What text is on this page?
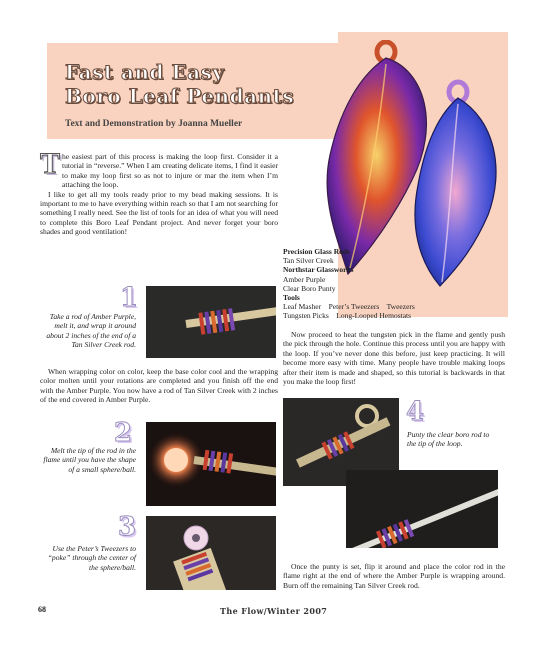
Fast and Easy
Boro Leaf Pendants
Text and Demonstration by Joanna Mueller
T he easiest part of this process is making the loop first. Consider it a tutorial in “reverse.” When I am creating delicate items, I find it easier to make my loop first so as not to injure or mar the item when I’m attaching the loop.
I like to get all my tools ready prior to my bead making sessions. It is important to me to have everything within reach so that I am not searching for something I really need. See the list of tools for an idea of what you will need to complete this Boro Leaf Pendant project. And never forget your boro shades and good ventilation!
Precision Glass Rods
Tan Silver Creek
Northstar Glassworks
Amber Purple
Clear Boro Punty
Tools
Leaf Masher    Peter’s Tweezers    Tweezers
Tungsten Picks    Long-Looped Hemostats
1
Take a rod of Amber Purple, melt it, and wrap it around about 2 inches of the end of a Tan Silver Creek rod.
When wrapping color on color, keep the base color cool and the wrapping color molten until your rotations are completed and you finish off the end with the Amber Purple. You now have a rod of Tan Silver Creek with 2 inches of the end covered in Amber Purple.
2
Melt the tip of the rod in the flame until you have the shape of a small sphere/ball.
3
Use the Peter’s Tweezers to “poke” through the center of the sphere/ball.
Now proceed to heat the tungsten pick in the flame and gently push the pick through the hole. Continue this process until you are happy with the loop. If you’ve never done this before, just keep practicing. It will become more easy with time. Many people have trouble making loops after their item is made and shaped, so this tutorial is backwards in that you make the loop first!
4
Punty the clear boro rod to the tip of the loop.
Once the punty is set, flip it around and place the color rod in the flame right at the end of where the Amber Purple is wrapping around. Burn off the remaining Tan Silver Creek rod.
68	The Flow/Winter 2007
